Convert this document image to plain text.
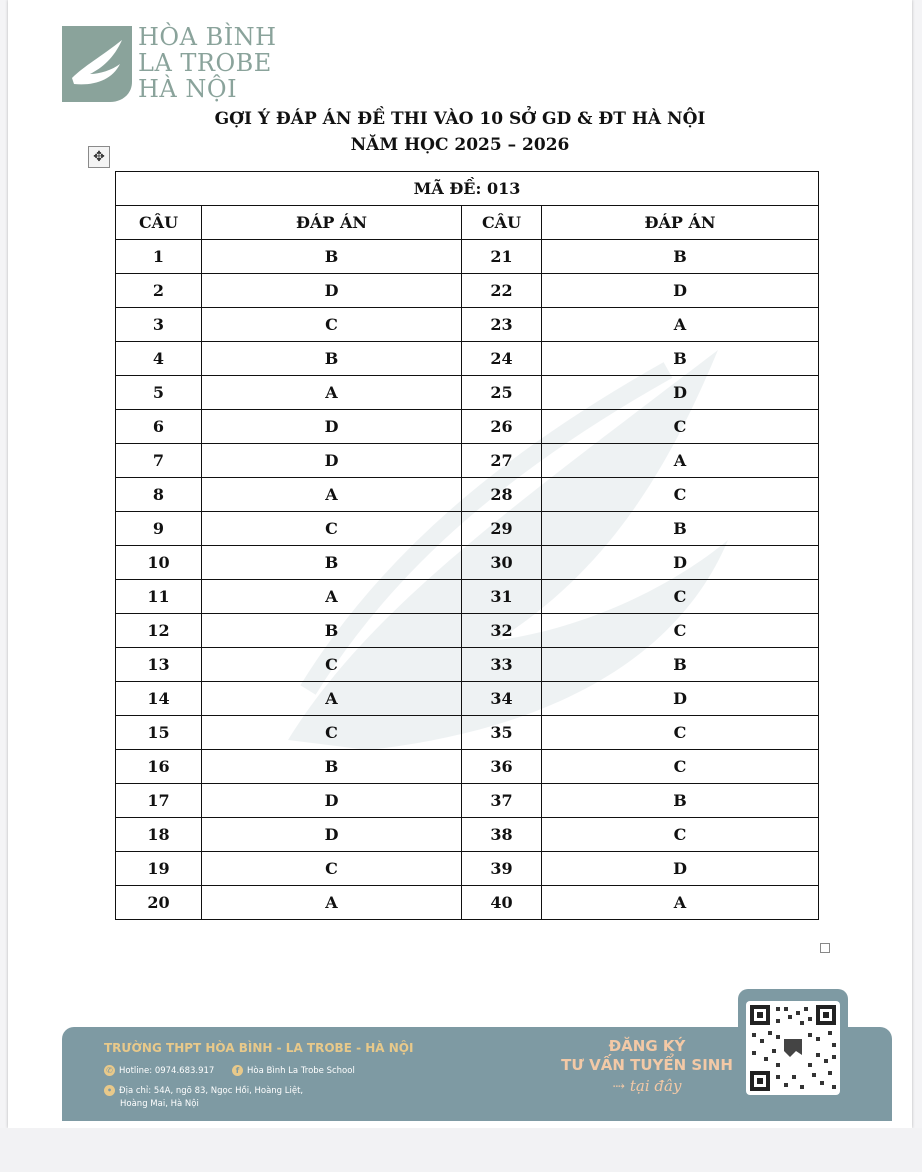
HÒA BÌNH
LA TROBE
HÀ NỘI
GỢI Ý ĐÁP ÁN ĐỀ THI VÀO 10 SỞ GD & ĐT HÀ NỘI
NĂM HỌC 2025 – 2026
✥
MÃ ĐỀ: 013			
CÂU	ĐÁP ÁN	CÂU	ĐÁP ÁN
1	B	21	B
2	D	22	D
3	C	23	A
4	B	24	B
5	A	25	D
6	D	26	C
7	D	27	A
8	A	28	C
9	C	29	B
10	B	30	D
11	A	31	C
12	B	32	C
13	C	33	B
14	A	34	D
15	C	35	C
16	B	36	C
17	D	37	B
18	D	38	C
19	C	39	D
20	A	40	A
TRƯỜNG THPT HÒA BÌNH - LA TROBE - HÀ NỘI
✆ Hotline: 0974.683.917	f Hòa Bình La Trobe School
• Địa chỉ: 54A, ngõ 83, Ngọc Hồi, Hoàng Liệt,
Hoàng Mai, Hà Nội
ĐĂNG KÝ
TƯ VẤN TUYỂN SINH
⇢ tại đây
